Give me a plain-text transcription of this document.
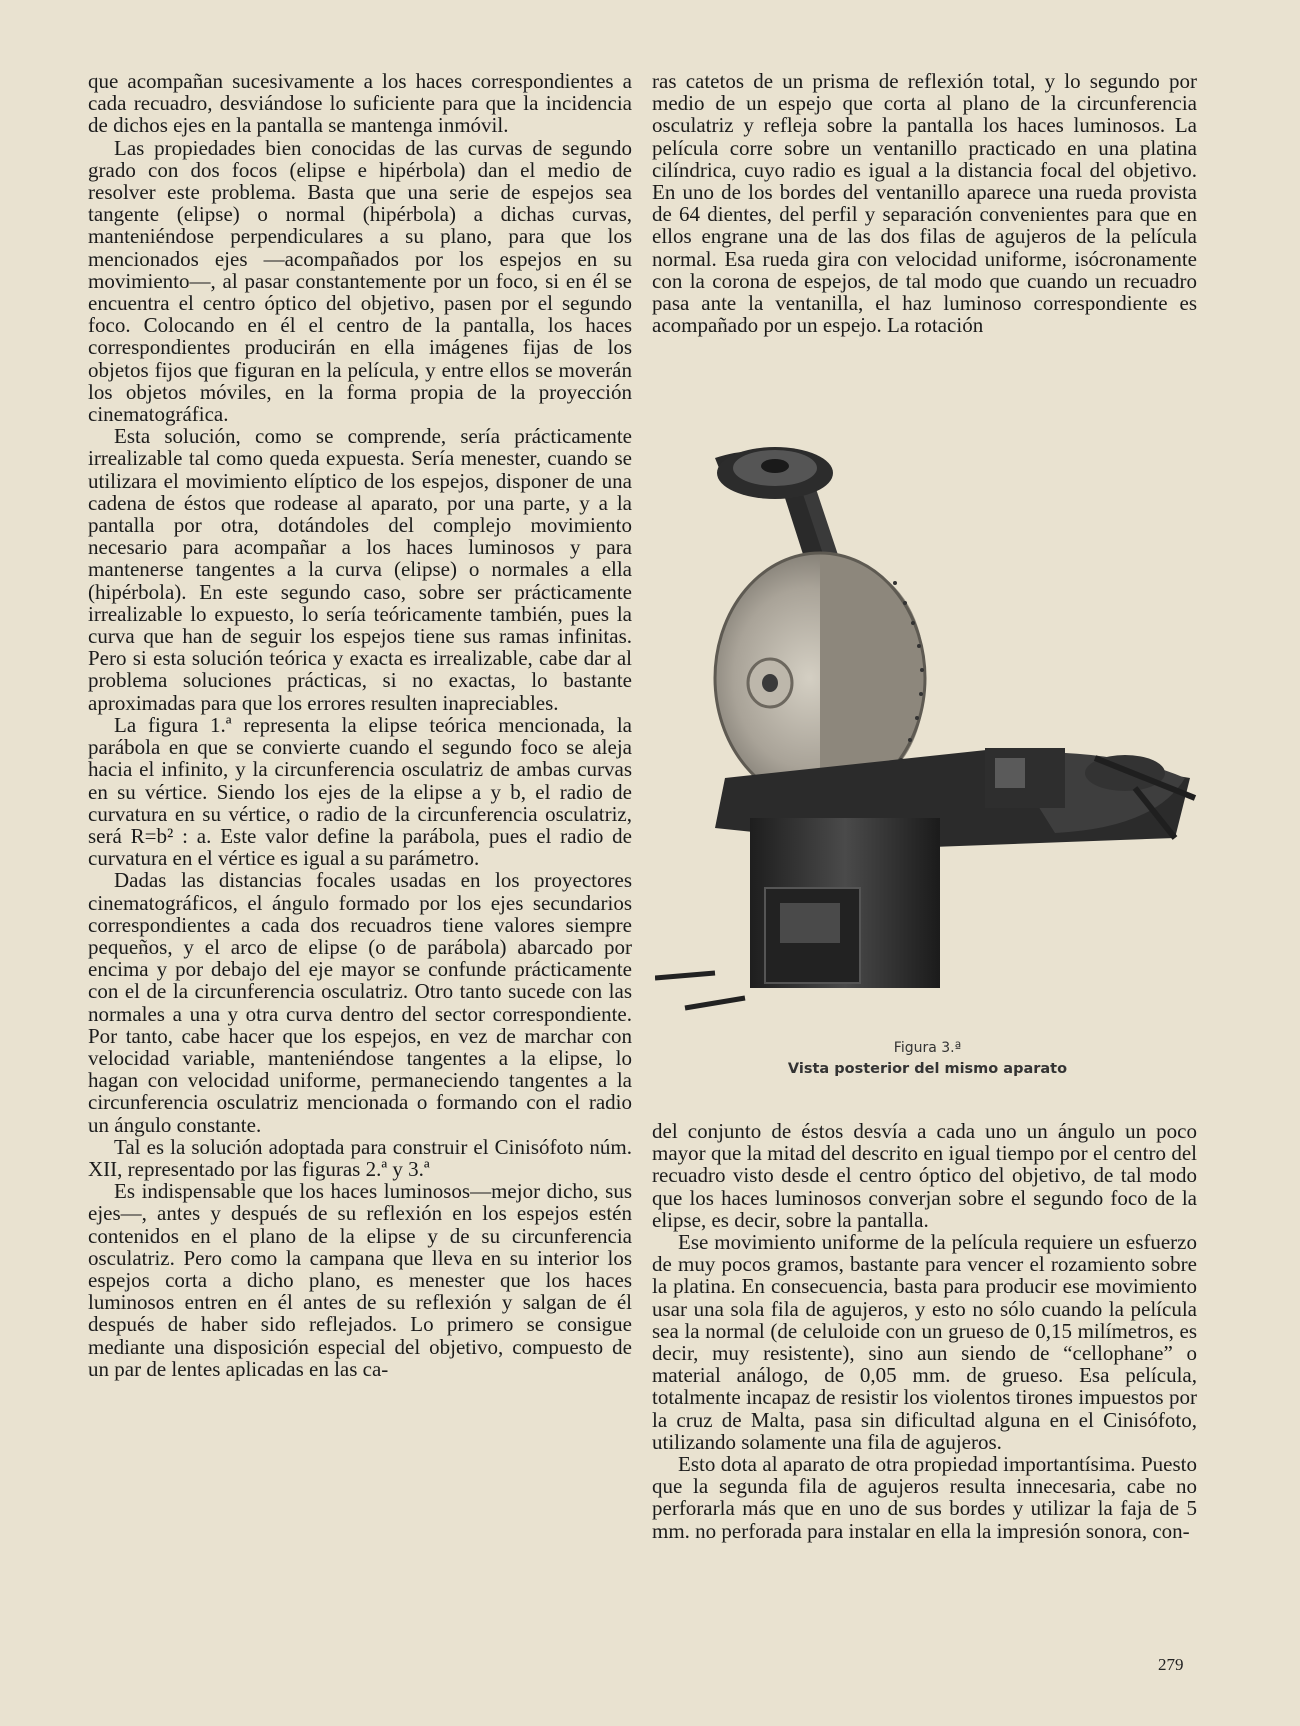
que acompañan sucesivamente a los haces correspondientes a cada recuadro, desviándose lo suficiente para que la incidencia de dichos ejes en la pantalla se mantenga inmóvil.

Las propiedades bien conocidas de las curvas de segundo grado con dos focos (elipse e hipérbola) dan el medio de resolver este problema. Basta que una serie de espejos sea tangente (elipse) o normal (hipérbola) a dichas curvas, manteniéndose perpendiculares a su plano, para que los mencionados ejes —acompañados por los espejos en su movimiento—, al pasar constantemente por un foco, si en él se encuentra el centro óptico del objetivo, pasen por el segundo foco. Colocando en él el centro de la pantalla, los haces correspondientes producirán en ella imágenes fijas de los objetos fijos que figuran en la película, y entre ellos se moverán los objetos móviles, en la forma propia de la proyección cinematográfica.

Esta solución, como se comprende, sería prácticamente irrealizable tal como queda expuesta. Sería menester, cuando se utilizara el movimiento elíptico de los espejos, disponer de una cadena de éstos que rodease al aparato, por una parte, y a la pantalla por otra, dotándoles del complejo movimiento necesario para acompañar a los haces luminosos y para mantenerse tangentes a la curva (elipse) o normales a ella (hipérbola). En este segundo caso, sobre ser prácticamente irrealizable lo expuesto, lo sería teóricamente también, pues la curva que han de seguir los espejos tiene sus ramas infinitas. Pero si esta solución teórica y exacta es irrealizable, cabe dar al problema soluciones prácticas, si no exactas, lo bastante aproximadas para que los errores resulten inapreciables.

La figura 1.ª representa la elipse teórica mencionada, la parábola en que se convierte cuando el segundo foco se aleja hacia el infinito, y la circunferencia osculatriz de ambas curvas en su vértice. Siendo los ejes de la elipse a y b, el radio de curvatura en su vértice, o radio de la circunferencia osculatriz, será R=b² : a. Este valor define la parábola, pues el radio de curvatura en el vértice es igual a su parámetro.

Dadas las distancias focales usadas en los proyectores cinematográficos, el ángulo formado por los ejes secundarios correspondientes a cada dos recuadros tiene valores siempre pequeños, y el arco de elipse (o de parábola) abarcado por encima y por debajo del eje mayor se confunde prácticamente con el de la circunferencia osculatriz. Otro tanto sucede con las normales a una y otra curva dentro del sector correspondiente. Por tanto, cabe hacer que los espejos, en vez de marchar con velocidad variable, manteniéndose tangentes a la elipse, lo hagan con velocidad uniforme, permaneciendo tangentes a la circunferencia osculatriz mencionada o formando con el radio un ángulo constante.

Tal es la solución adoptada para construir el Cinisófoto núm. XII, representado por las figuras 2.ª y 3.ª

Es indispensable que los haces luminosos—mejor dicho, sus ejes—, antes y después de su reflexión en los espejos estén contenidos en el plano de la elipse y de su circunferencia osculatriz. Pero como la campana que lleva en su interior los espejos corta a dicho plano, es menester que los haces luminosos entren en él antes de su reflexión y salgan de él después de haber sido reflejados. Lo primero se consigue mediante una disposición especial del objetivo, compuesto de un par de lentes aplicadas en las ca-

ras catetos de un prisma de reflexión total, y lo segundo por medio de un espejo que corta al plano de la circunferencia osculatriz y refleja sobre la pantalla los haces luminosos. La película corre sobre un ventanillo practicado en una platina cilíndrica, cuyo radio es igual a la distancia focal del objetivo. En uno de los bordes del ventanillo aparece una rueda provista de 64 dientes, del perfil y separación convenientes para que en ellos engrane una de las dos filas de agujeros de la película normal. Esa rueda gira con velocidad uniforme, isócronamente con la corona de espejos, de tal modo que cuando un recuadro pasa ante la ventanilla, el haz luminoso correspondiente es acompañado por un espejo. La rotación

Figura 3.ª
Vista posterior del mismo aparato

del conjunto de éstos desvía a cada uno un ángulo un poco mayor que la mitad del descrito en igual tiempo por el centro del recuadro visto desde el centro óptico del objetivo, de tal modo que los haces luminosos converjan sobre el segundo foco de la elipse, es decir, sobre la pantalla.

Ese movimiento uniforme de la película requiere un esfuerzo de muy pocos gramos, bastante para vencer el rozamiento sobre la platina. En consecuencia, basta para producir ese movimiento usar una sola fila de agujeros, y esto no sólo cuando la película sea la normal (de celuloide con un grueso de 0,15 milímetros, es decir, muy resistente), sino aun siendo de “cellophane” o material análogo, de 0,05 mm. de grueso. Esa película, totalmente incapaz de resistir los violentos tirones impuestos por la cruz de Malta, pasa sin dificultad alguna en el Cinisófoto, utilizando solamente una fila de agujeros.

Esto dota al aparato de otra propiedad importantísima. Puesto que la segunda fila de agujeros resulta innecesaria, cabe no perforarla más que en uno de sus bordes y utilizar la faja de 5 mm. no perforada para instalar en ella la impresión sonora, con-

279
